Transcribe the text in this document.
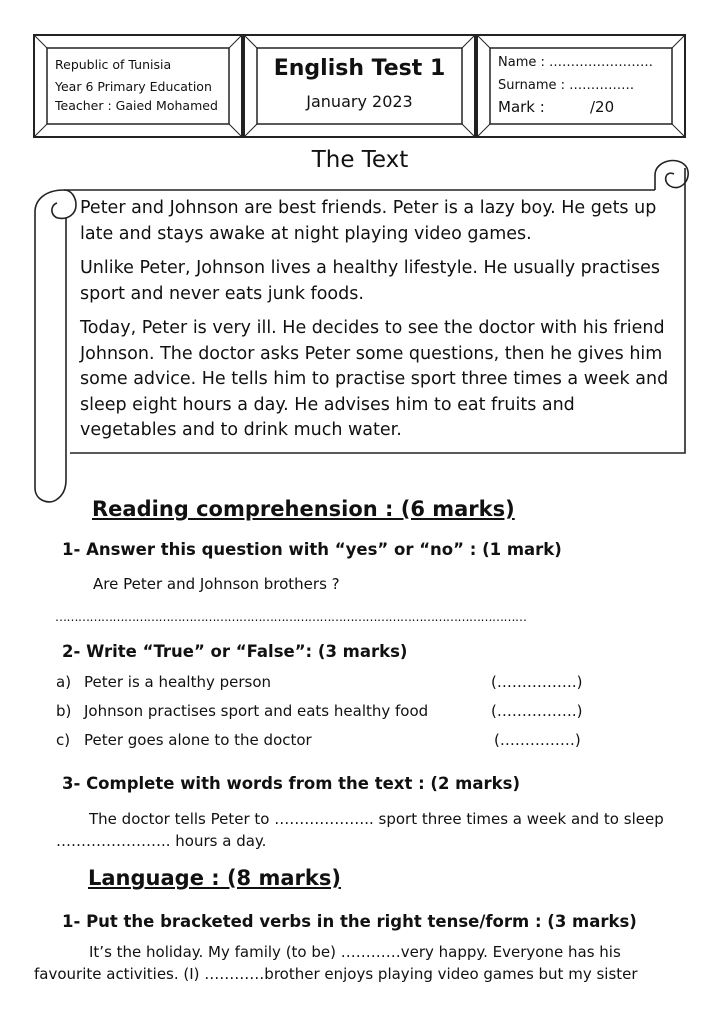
Republic of Tunisia
Year 6 Primary Education
Teacher : Gaied Mohamed
English Test 1
January 2023
Name : ……………………
Surname : ……………
Mark :	/20
The Text

Peter and Johnson are best friends. Peter is a lazy boy. He gets up late and stays awake at night playing video games.

Unlike Peter, Johnson lives a healthy lifestyle. He usually practises sport and never eats junk foods.

Today, Peter is very ill. He decides to see the doctor with his friend Johnson. The doctor asks Peter some questions, then he gives him some advice. He tells him to practise sport three times a week and sleep eight hours a day. He advises him to eat fruits and vegetables and to drink much water.

Reading comprehension : (6 marks)
1- Answer this question with “yes” or “no” : (1 mark)
Are Peter and Johnson brothers ?
……………………………………………………………………………………………………………
2- Write “True” or “False”: (3 marks)
a) Peter is a healthy person	(…………….)
b) Johnson practises sport and eats healthy food	(…………….)
c) Peter goes alone to the doctor	(……………)
3- Complete with words from the text : (2 marks)
The doctor tells Peter to ……………….. sport three times a week and to sleep
………………….. hours a day.
Language : (8 marks)
1- Put the bracketed verbs in the right tense/form : (3 marks)
It’s the holiday. My family (to be) …………very happy. Everyone has his
favourite activities. (I) …………brother enjoys playing video games but my sister
